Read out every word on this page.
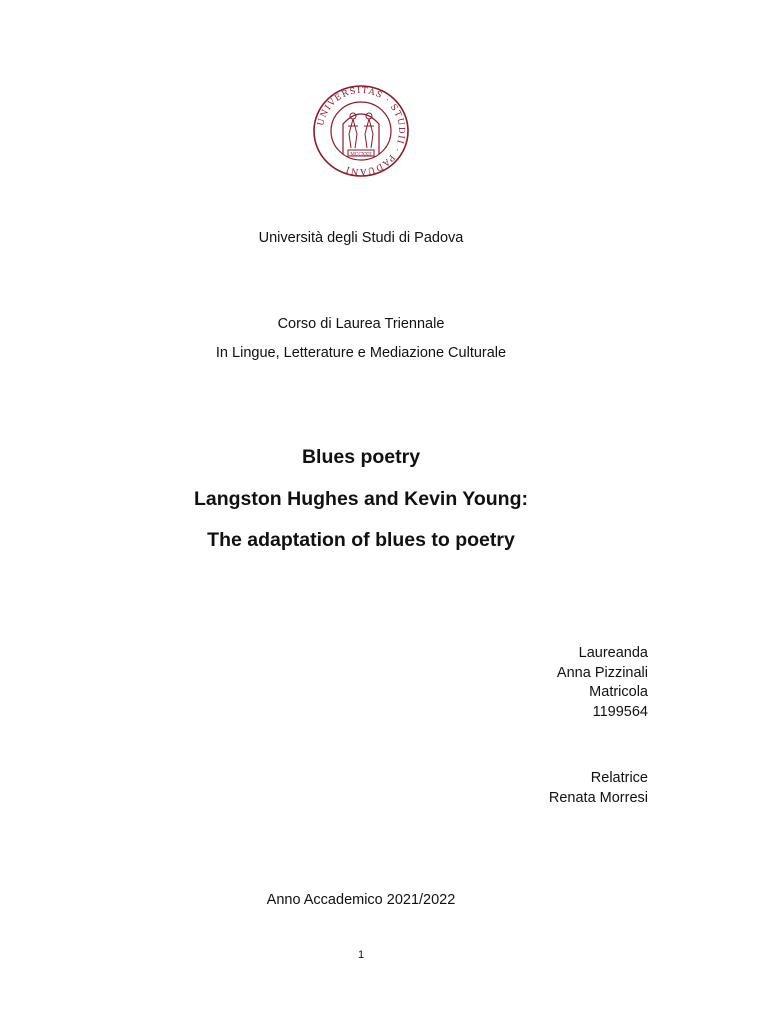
UNIVERSITAS · STUDII · PADUANI
MCCXXII
Università degli Studi di Padova
Corso di Laurea Triennale
In Lingue, Letterature e Mediazione Culturale
Blues poetry
Langston Hughes and Kevin Young:
The adaptation of blues to poetry
Laureanda
Anna Pizzinali
Matricola
1199564
Relatrice
Renata Morresi
Anno Accademico 2021/2022
1
